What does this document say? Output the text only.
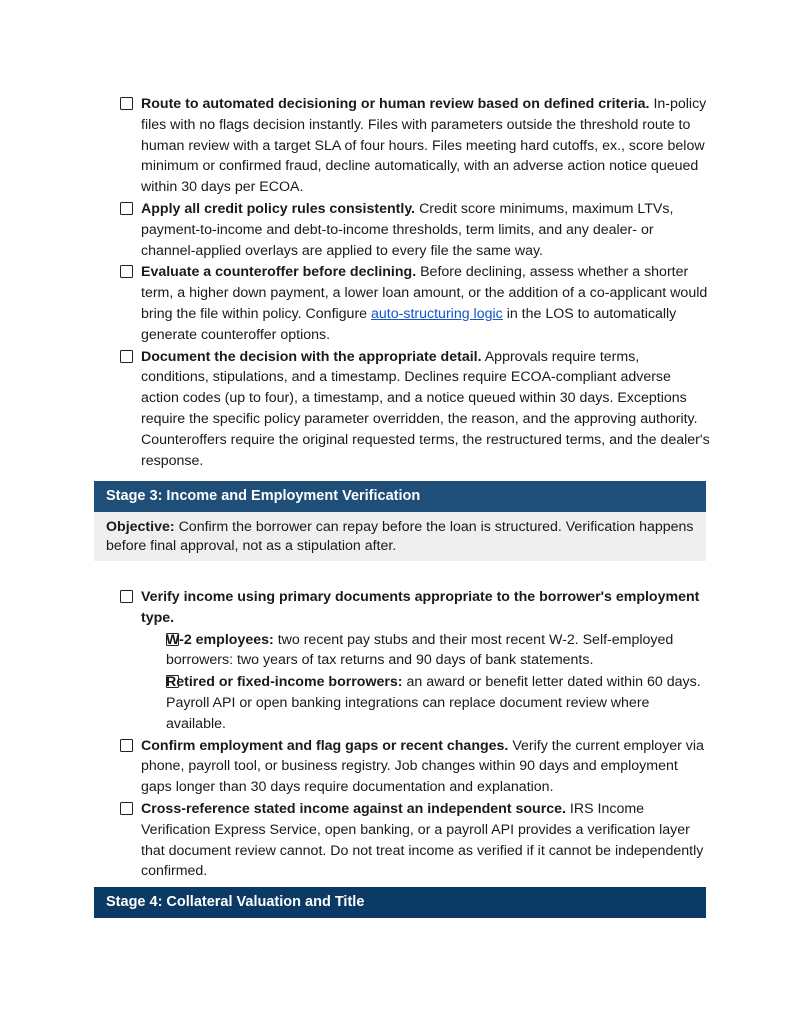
Route to automated decisioning or human review based on defined criteria. In-policy files with no flags decision instantly. Files with parameters outside the threshold route to human review with a target SLA of four hours. Files meeting hard cutoffs, ex., score below minimum or confirmed fraud, decline automatically, with an adverse action notice queued within 30 days per ECOA.
Apply all credit policy rules consistently. Credit score minimums, maximum LTVs, payment-to-income and debt-to-income thresholds, term limits, and any dealer- or channel-applied overlays are applied to every file the same way.
Evaluate a counteroffer before declining. Before declining, assess whether a shorter term, a higher down payment, a lower loan amount, or the addition of a co-applicant would bring the file within policy. Configure auto-structuring logic in the LOS to automatically generate counteroffer options.
Document the decision with the appropriate detail. Approvals require terms, conditions, stipulations, and a timestamp. Declines require ECOA-compliant adverse action codes (up to four), a timestamp, and a notice queued within 30 days. Exceptions require the specific policy parameter overridden, the reason, and the approving authority. Counteroffers require the original requested terms, the restructured terms, and the dealer's response.
Stage 3: Income and Employment Verification
Objective: Confirm the borrower can repay before the loan is structured. Verification happens before final approval, not as a stipulation after.
Verify income using primary documents appropriate to the borrower's employment type.
W-2 employees: two recent pay stubs and their most recent W-2. Self-employed borrowers: two years of tax returns and 90 days of bank statements.
Retired or fixed-income borrowers: an award or benefit letter dated within 60 days. Payroll API or open banking integrations can replace document review where available.
Confirm employment and flag gaps or recent changes. Verify the current employer via phone, payroll tool, or business registry. Job changes within 90 days and employment gaps longer than 30 days require documentation and explanation.
Cross-reference stated income against an independent source. IRS Income Verification Express Service, open banking, or a payroll API provides a verification layer that document review cannot. Do not treat income as verified if it cannot be independently confirmed.
Stage 4: Collateral Valuation and Title
